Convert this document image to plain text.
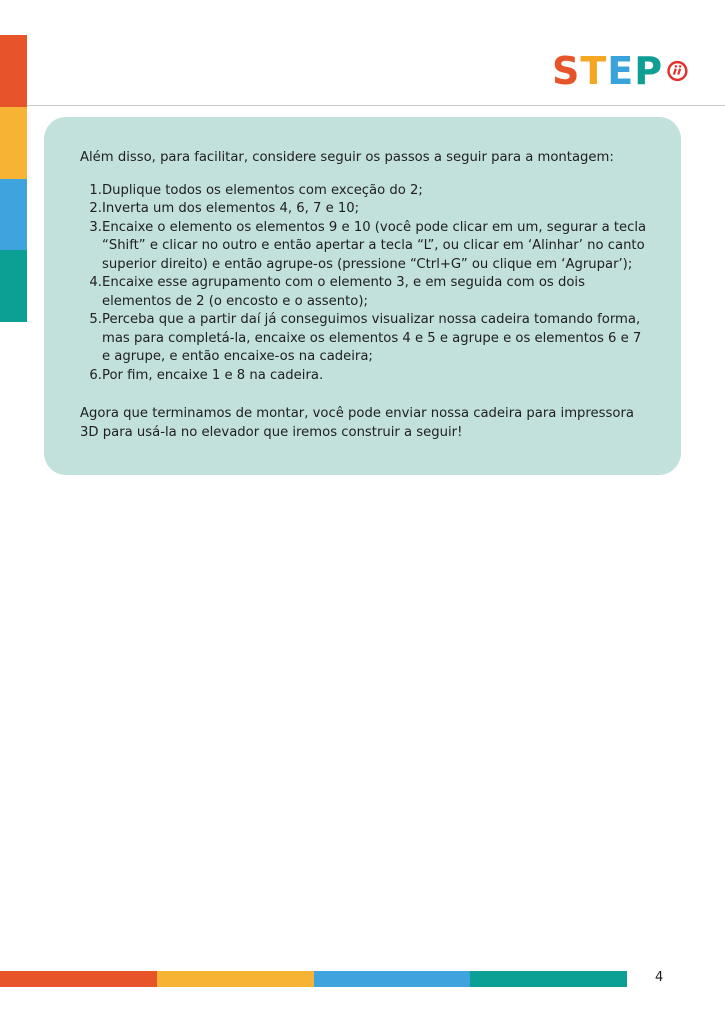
S T E P

Além disso, para facilitar, considere seguir os passos a seguir para a montagem:

1. Duplique todos os elementos com exceção do 2;
2. Inverta um dos elementos 4, 6, 7 e 10;
3. Encaixe o elemento os elementos 9 e 10 (você pode clicar em um, segurar a tecla “Shift” e clicar no outro e então apertar a tecla “L”, ou clicar em ‘Alinhar’ no canto superior direito) e então agrupe-os (pressione “Ctrl+G” ou clique em ‘Agrupar’);
4. Encaixe esse agrupamento com o elemento 3, e em seguida com os dois elementos de 2 (o encosto e o assento);
5. Perceba que a partir daí já conseguimos visualizar nossa cadeira tomando forma, mas para completá-la, encaixe os elementos 4 e 5 e agrupe e os elementos 6 e 7 e agrupe, e então encaixe-os na cadeira;
6. Por fim, encaixe 1 e 8 na cadeira.

Agora que terminamos de montar, você pode enviar nossa cadeira para impressora 3D para usá-la no elevador que iremos construir a seguir!

4
